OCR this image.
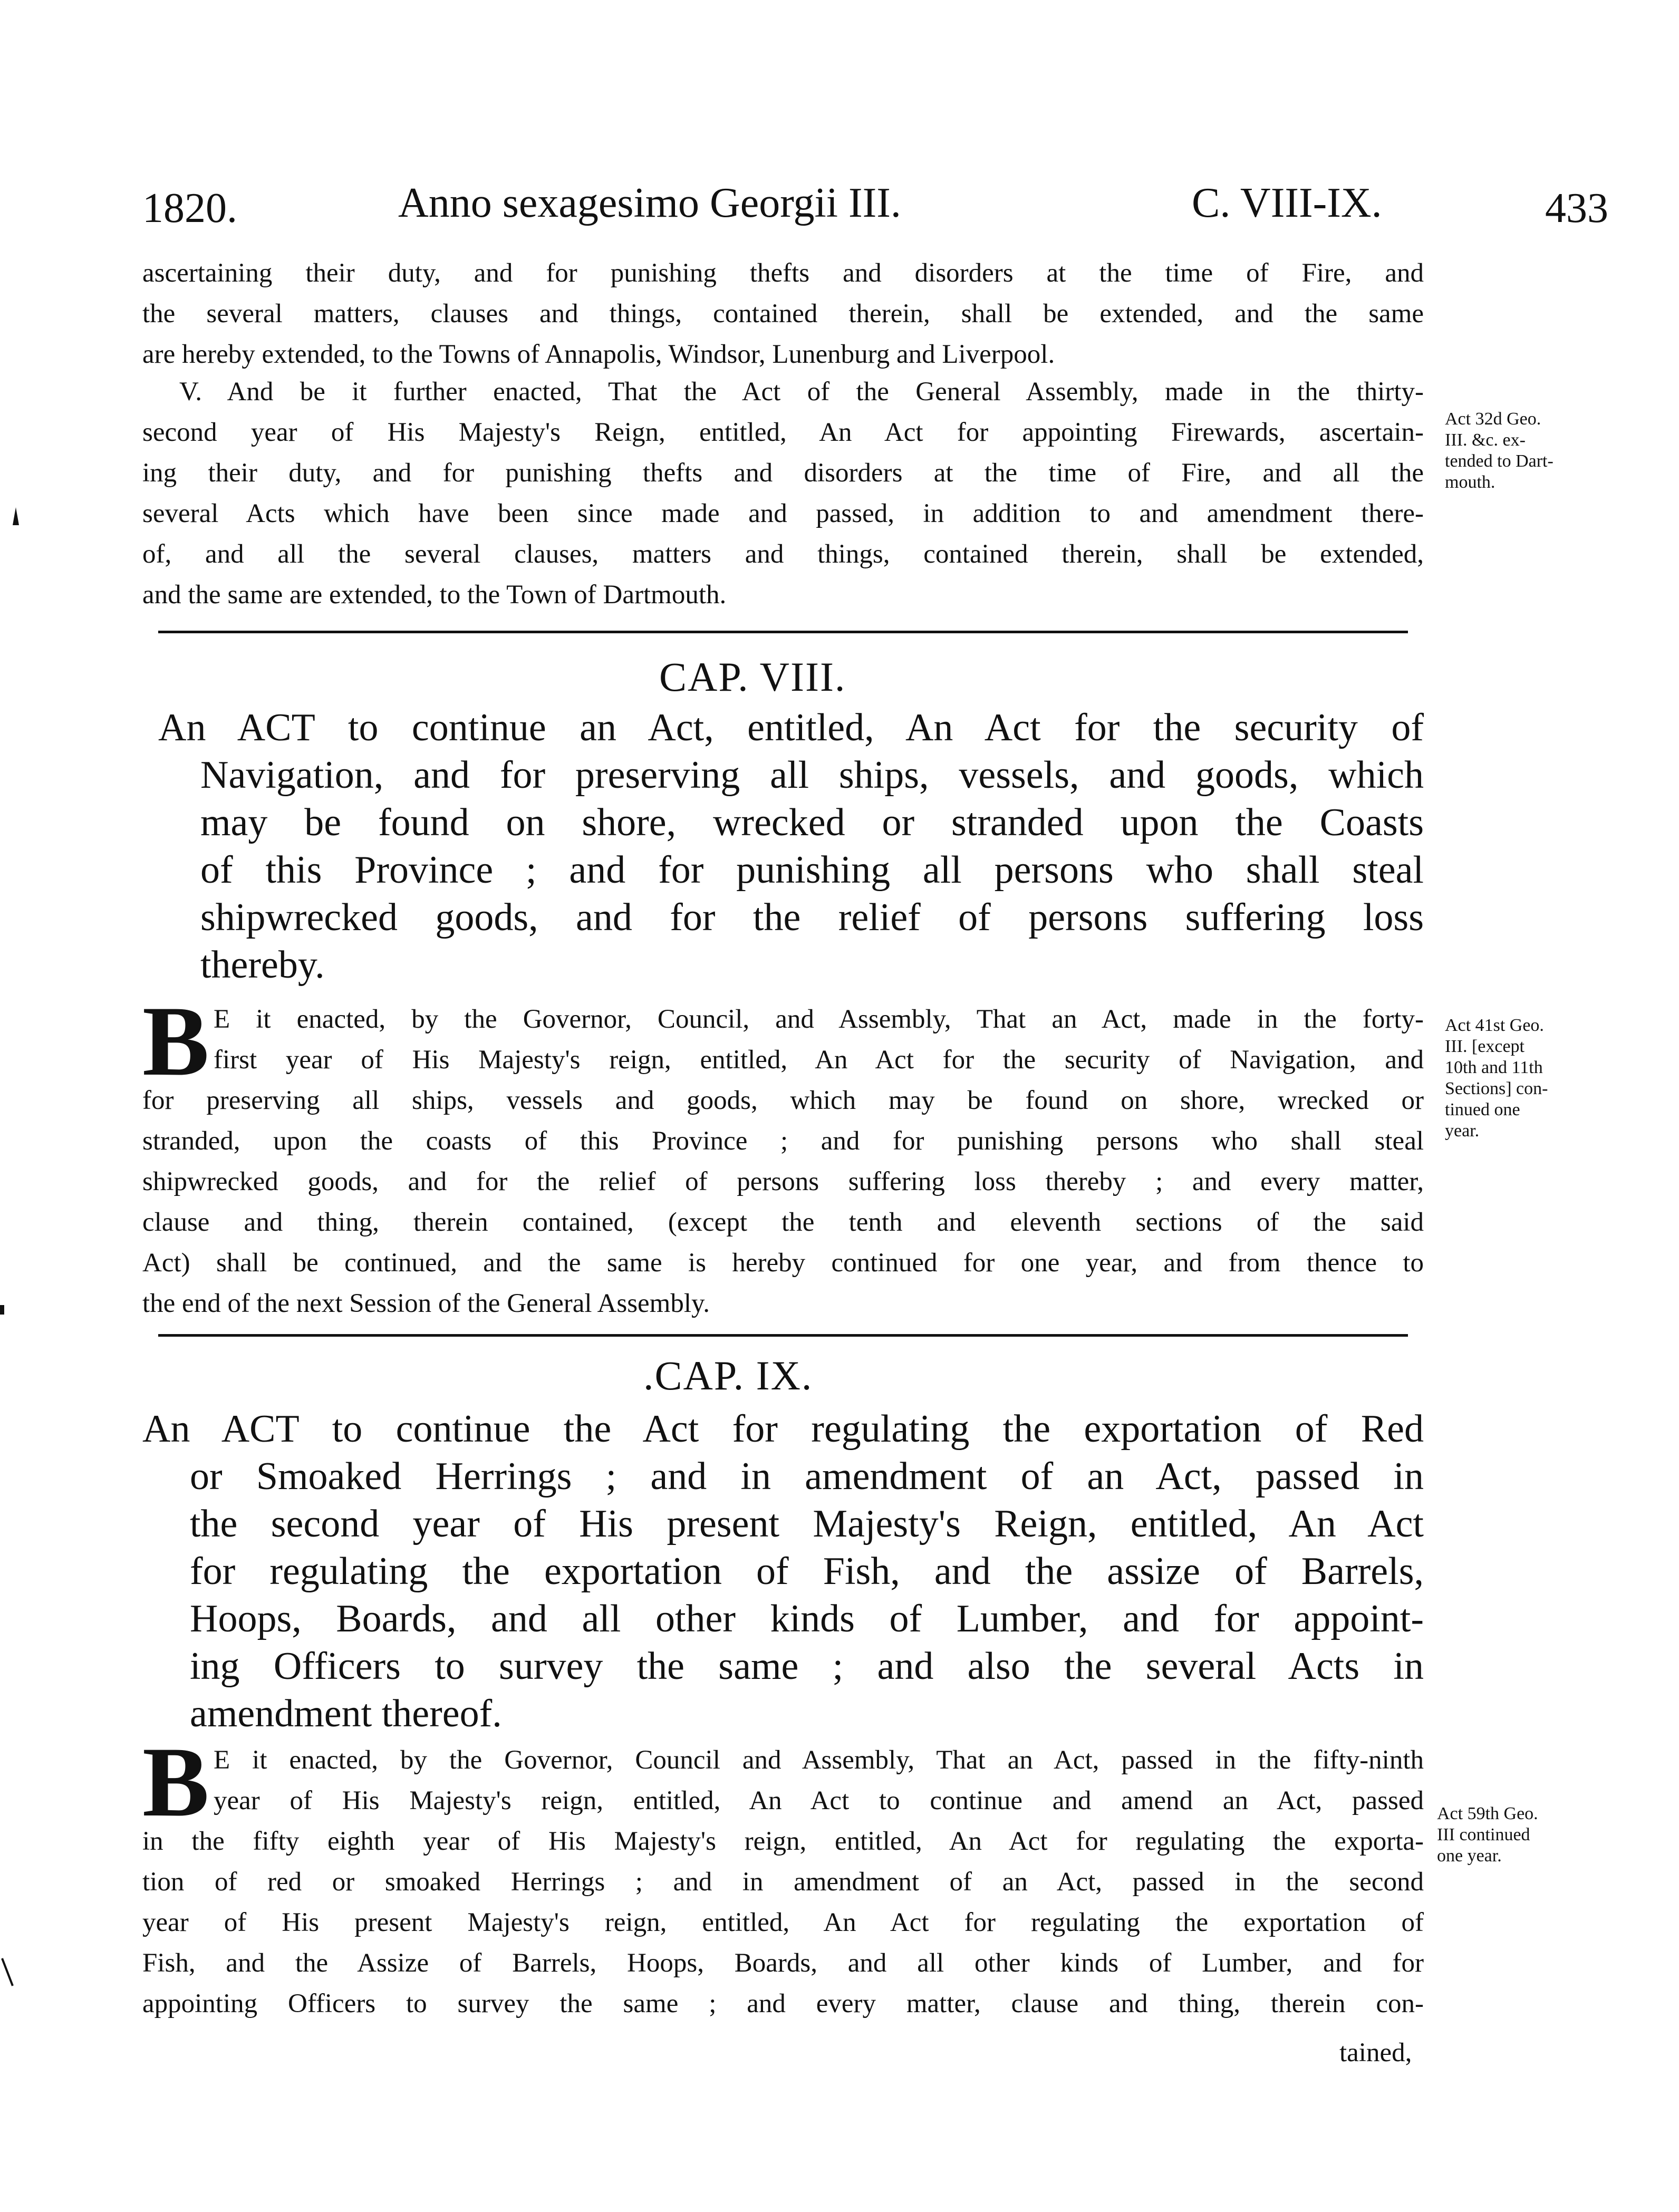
1820.	Anno sexagesimo Georgii III.	C. VIII-IX.	433
ascertaining their duty, and for punishing thefts and disorders at the time of Fire, and
the several matters, clauses and things, contained therein, shall be extended, and the same
are hereby extended, to the Towns of Annapolis, Windsor, Lunenburg and Liverpool.
V. And be it further enacted, That the Act of the General Assembly, made in the thirty-
second year of His Majesty's Reign, entitled, An Act for appointing Firewards, ascertain-
ing their duty, and for punishing thefts and disorders at the time of Fire, and all the
several Acts which have been since made and passed, in addition to and amendment there-
of, and all the several clauses, matters and things, contained therein, shall be extended,
and the same are extended, to the Town of Dartmouth.
Act 32d Geo.
III. &c. ex-
tended to Dart-
mouth.
CAP. VIII.
An ACT to continue an Act, entitled, An Act for the security of
Navigation, and for preserving all ships, vessels, and goods, which
may be found on shore, wrecked or stranded upon the Coasts
of this Province ; and for punishing all persons who shall steal
shipwrecked goods, and for the relief of persons suffering loss
thereby.
B E it enacted, by the Governor, Council, and Assembly, That an Act, made in the forty-
first year of His Majesty's reign, entitled, An Act for the security of Navigation, and
for preserving all ships, vessels and goods, which may be found on shore, wrecked or
stranded, upon the coasts of this Province ; and for punishing persons who shall steal
shipwrecked goods, and for the relief of persons suffering loss thereby ; and every matter,
clause and thing, therein contained, (except the tenth and eleventh sections of the said
Act) shall be continued, and the same is hereby continued for one year, and from thence to
the end of the next Session of the General Assembly.
Act 41st Geo.
III. [except
10th and 11th
Sections] con-
tinued one
year.
.CAP. IX.
An ACT to continue the Act for regulating the exportation of Red
or Smoaked Herrings ; and in amendment of an Act, passed in
the second year of His present Majesty's Reign, entitled, An Act
for regulating the exportation of Fish, and the assize of Barrels,
Hoops, Boards, and all other kinds of Lumber, and for appoint-
ing Officers to survey the same ; and also the several Acts in
amendment thereof.
B E it enacted, by the Governor, Council and Assembly, That an Act, passed in the fifty-ninth
year of His Majesty's reign, entitled, An Act to continue and amend an Act, passed
in the fifty eighth year of His Majesty's reign, entitled, An Act for regulating the exporta-
tion of red or smoaked Herrings ; and in amendment of an Act, passed in the second
year of His present Majesty's reign, entitled, An Act for regulating the exportation of
Fish, and the Assize of Barrels, Hoops, Boards, and all other kinds of Lumber, and for
appointing Officers to survey the same ; and every matter, clause and thing, therein con-
tained,
Act 59th Geo.
III continued
one year.
